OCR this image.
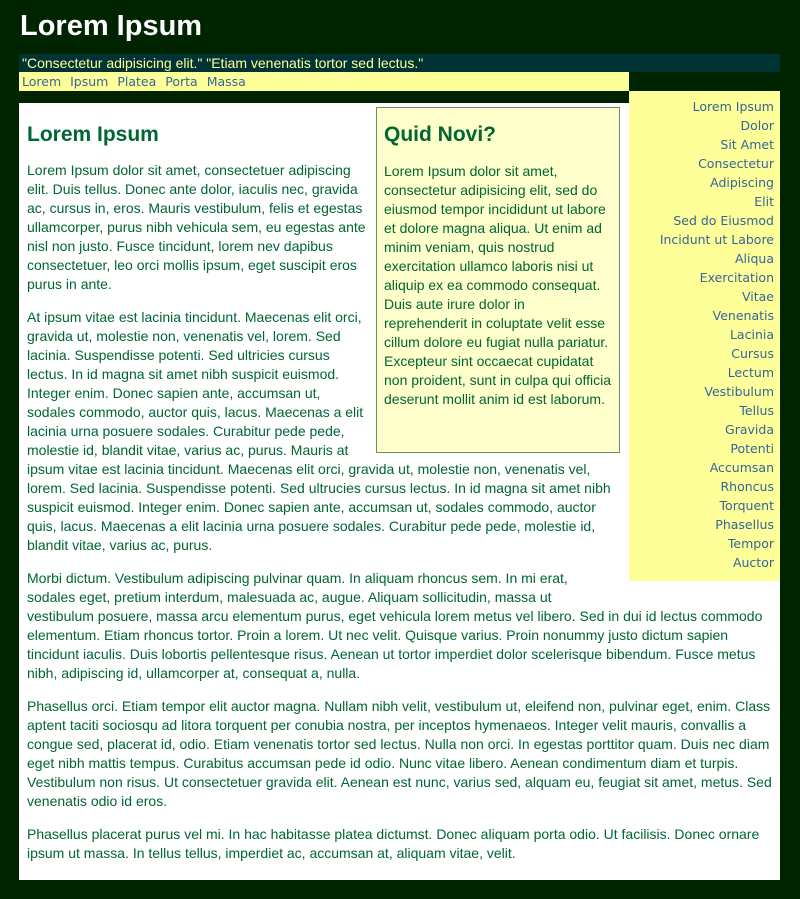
Lorem Ipsum
"Consectetur adipisicing elit." "Etiam venenatis tortor sed lectus."
Lorem Ipsum Platea Porta Massa
Quid Novi?

Lorem Ipsum dolor sit amet, consectetur adipisicing elit, sed do eiusmod tempor incididunt ut labore et dolore magna aliqua. Ut enim ad minim veniam, quis nostrud exercitation ullamco laboris nisi ut aliquip ex ea commodo consequat. Duis aute irure dolor in reprehenderit in coluptate velit esse cillum dolore eu fugiat nulla pariatur. Excepteur sint occaecat cupidatat non proident, sunt in culpa qui officia deserunt mollit anim id est laborum.

Lorem Ipsum

Lorem Ipsum dolor sit amet, consectetuer adipiscing elit. Duis tellus. Donec ante dolor, iaculis nec, gravida ac, cursus in, eros. Mauris vestibulum, felis et egestas ullamcorper, purus nibh vehicula sem, eu egestas ante nisl non justo. Fusce tincidunt, lorem nev dapibus consectetuer, leo orci mollis ipsum, eget suscipit eros purus in ante.

At ipsum vitae est lacinia tincidunt. Maecenas elit orci, gravida ut, molestie non, venenatis vel, lorem. Sed lacinia. Suspendisse potenti. Sed ultricies cursus lectus. In id magna sit amet nibh suspicit euismod. Integer enim. Donec sapien ante, accumsan ut, sodales commodo, auctor quis, lacus. Maecenas a elit lacinia urna posuere sodales. Curabitur pede pede, molestie id, blandit vitae, varius ac, purus. Mauris at ipsum vitae est lacinia tincidunt. Maecenas elit orci, gravida ut, molestie non, venenatis vel, lorem. Sed lacinia. Suspendisse potenti. Sed ultrucies cursus lectus. In id magna sit amet nibh suspicit euismod. Integer enim. Donec sapien ante, accumsan ut, sodales commodo, auctor quis, lacus. Maecenas a elit lacinia urna posuere sodales. Curabitur pede pede, molestie id, blandit vitae, varius ac, purus.

Morbi dictum. Vestibulum adipiscing pulvinar quam. In aliquam rhoncus sem. In mi erat, sodales eget, pretium interdum, malesuada ac, augue. Aliquam sollicitudin, massa ut vestibulum posuere, massa arcu elementum purus, eget vehicula lorem metus vel libero. Sed in dui id lectus commodo elementum. Etiam rhoncus tortor. Proin a lorem. Ut nec velit. Quisque varius. Proin nonummy justo dictum sapien tincidunt iaculis. Duis lobortis pellentesque risus. Aenean ut tortor imperdiet dolor scelerisque bibendum. Fusce metus nibh, adipiscing id, ullamcorper at, consequat a, nulla.

Phasellus orci. Etiam tempor elit auctor magna. Nullam nibh velit, vestibulum ut, eleifend non, pulvinar eget, enim. Class aptent taciti sociosqu ad litora torquent per conubia nostra, per inceptos hymenaeos. Integer velit mauris, convallis a congue sed, placerat id, odio. Etiam venenatis tortor sed lectus. Nulla non orci. In egestas porttitor quam. Duis nec diam eget nibh mattis tempus. Curabitus accumsan pede id odio. Nunc vitae libero. Aenean condimentum diam et turpis. Vestibulum non risus. Ut consectetuer gravida elit. Aenean est nunc, varius sed, alquam eu, feugiat sit amet, metus. Sed venenatis odio id eros.

Phasellus placerat purus vel mi. In hac habitasse platea dictumst. Donec aliquam porta odio. Ut facilisis. Donec ornare ipsum ut massa. In tellus tellus, imperdiet ac, accumsan at, aliquam vitae, velit.

Lorem Ipsum
Dolor
Sit Amet
Consectetur
Adipiscing
Elit
Sed do Eiusmod
Incidunt ut Labore
Aliqua
Exercitation
Vitae
Venenatis
Lacinia
Cursus
Lectum
Vestibulum
Tellus
Gravida
Potenti
Accumsan
Rhoncus
Torquent
Phasellus
Tempor
Auctor
